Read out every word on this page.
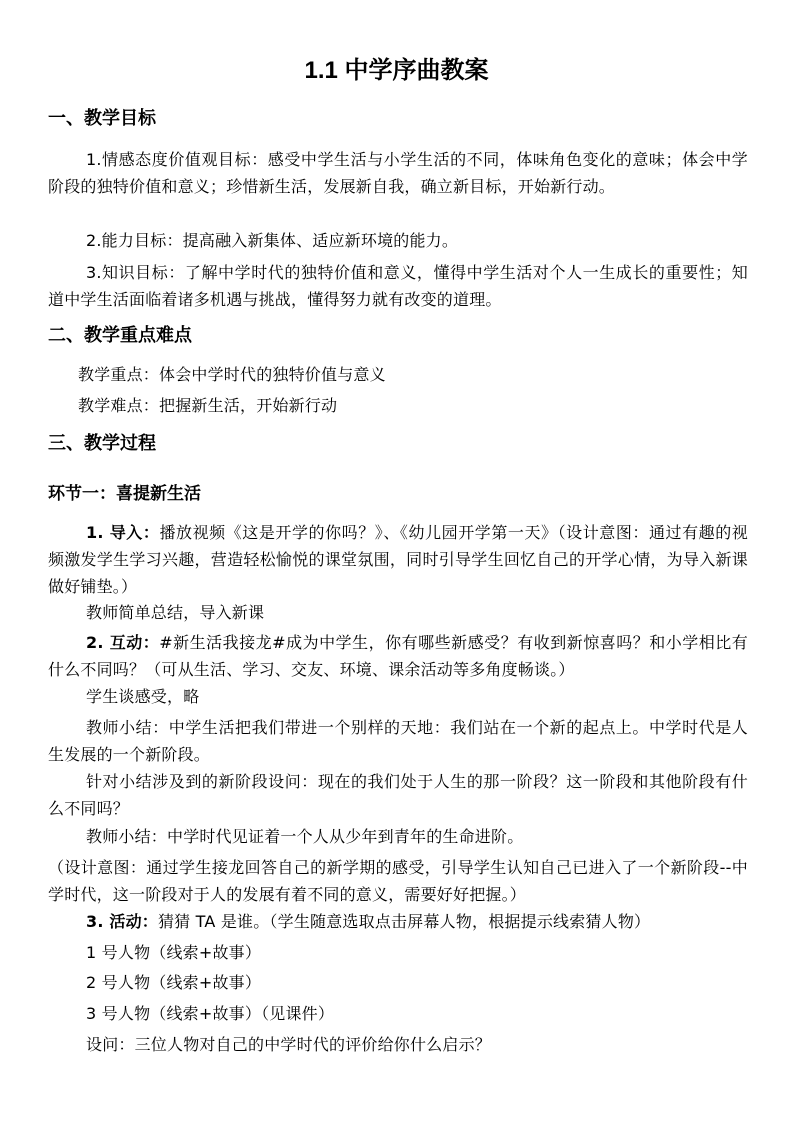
1.1 中学序曲教案
一、教学目标

1.情感态度价值观目标：感受中学生活与小学生活的不同，体味角色变化的意味；体会中学阶段的独特价值和意义；珍惜新生活，发展新自我，确立新目标，开始新行动。

2.能力目标：提高融入新集体、适应新环境的能力。

3.知识目标：了解中学时代的独特价值和意义，懂得中学生活对个人一生成长的重要性；知道中学生活面临着诸多机遇与挑战，懂得努力就有改变的道理。

二、教学重点难点

教学重点：体会中学时代的独特价值与意义

教学难点：把握新生活，开始新行动

三、教学过程
环节一：喜提新生活

1. 导入：播放视频《这是开学的你吗？》、《幼儿园开学第一天》（设计意图：通过有趣的视频激发学生学习兴趣，营造轻松愉悦的课堂氛围，同时引导学生回忆自己的开学心情，为导入新课做好铺垫。）

教师简单总结，导入新课

2. 互动：#新生活我接龙#成为中学生，你有哪些新感受？有收到新惊喜吗？和小学相比有什么不同吗？（可从生活、学习、交友、环境、课余活动等多角度畅谈。）

学生谈感受，略

教师小结：中学生活把我们带进一个别样的天地：我们站在一个新的起点上。中学时代是人生发展的一个新阶段。

针对小结涉及到的新阶段设问：现在的我们处于人生的那一阶段？这一阶段和其他阶段有什么不同吗？

教师小结：中学时代见证着一个人从少年到青年的生命进阶。

（设计意图：通过学生接龙回答自己的新学期的感受，引导学生认知自己已进入了一个新阶段--中学时代，这一阶段对于人的发展有着不同的意义，需要好好把握。）

3. 活动：猜猜 TA 是谁。（学生随意选取点击屏幕人物，根据提示线索猜人物）

1 号人物（线索+故事）

2 号人物（线索+故事）

3 号人物（线索+故事）（见课件）

设问：三位人物对自己的中学时代的评价给你什么启示？
